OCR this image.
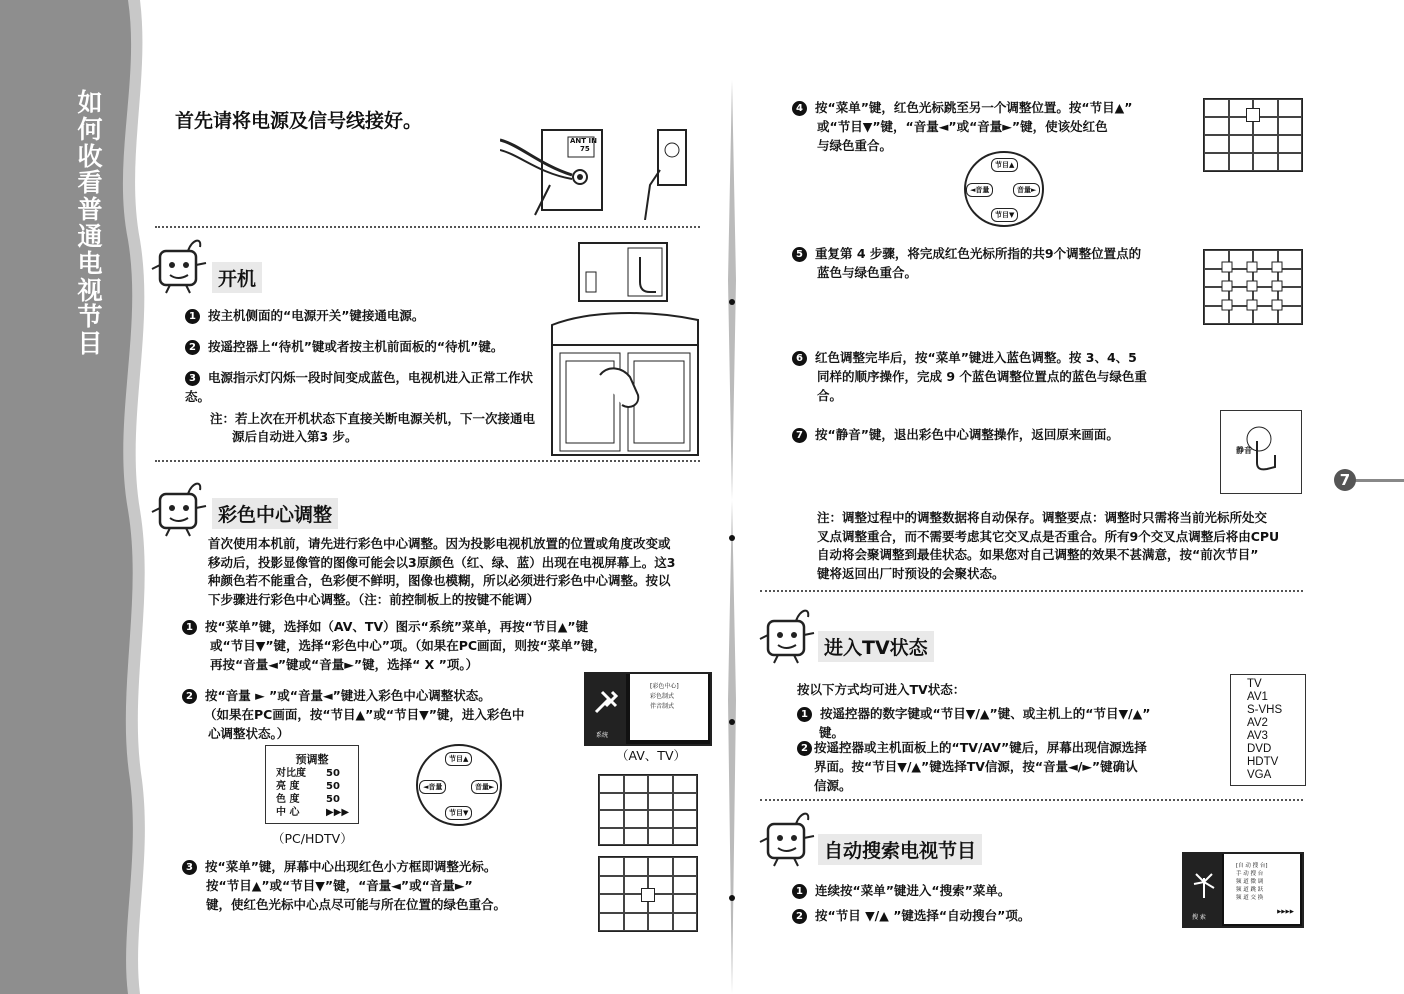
如
何
收
看
普
通
电
视
节
目
7
首先请将电源及信号线接好。
ANT IN
75
开机
1 按主机侧面的“电源开关”键接通电源。
2 按遥控器上“待机”键或者按主机前面板的“待机”键。
3 电源指示灯闪烁一段时间变成蓝色，电视机进入正常工作状态。
注：若上次在开机状态下直接关断电源关机，下一次接通电
源后自动进入第3 步。
彩色中心调整
首次使用本机前，请先进行彩色中心调整。因为投影电视机放置的位置或角度改变或
移动后，投影显像管的图像可能会以3原颜色（红、绿、蓝）出现在电视屏幕上。这3
种颜色若不能重合，色彩便不鲜明，图像也模糊，所以必须进行彩色中心调整。按以
下步骤进行彩色中心调整。（注：前控制板上的按键不能调）
1 按“菜单”键，选择如（AV、TV）图示“系统”菜单，再按“节目▲”键
或“节目▼”键，选择“彩色中心”项。（如果在PC画面，则按“菜单”键，
再按“音量◄”键或“音量►”键，选择“ X ”项。）
2 按“音量 ► ”或“音量◄”键进入彩色中心调整状态。
（如果在PC画面，按“节目▲”或“节目▼”键，进入彩色中
心调整状态。）	系统
[彩色中心]
彩色制式
伴音制式
（AV、TV）
预调整
对比度 50
亮 度	50
色 度	50
中 心	▶▶▶
（PC/HDTV）
节目▲
节目▼
◄音量	音量►
3 按“菜单”键，屏幕中心出现红色小方框即调整光标。
按“节目▲”或“节目▼”键，“音量◄”或“音量►”
键，使红色光标中心点尽可能与所在位置的绿色重合。
4 按“菜单”键，红色光标跳至另一个调整位置。按“节目▲”
或“节目▼”键，“音量◄”或“音量►”键，使该处红色
与绿色重合。
节目▲
节目▼
◄音量	音量►
5 重复第 4 步骤，将完成红色光标所指的共9个调整位置点的
蓝色与绿色重合。
6 红色调整完毕后，按“菜单”键进入蓝色调整。按 3、4、5
同样的顺序操作，完成 9 个蓝色调整位置点的蓝色与绿色重
合。
7 按“静音”键，退出彩色中心调整操作，返回原来画面。
静音
注：调整过程中的调整数据将自动保存。调整要点：调整时只需将当前光标所处交
叉点调整重合，而不需要考虑其它交叉点是否重合。所有9个交叉点调整后将由CPU
自动将会聚调整到最佳状态。如果您对自己调整的效果不甚满意，按“前次节目”
键将返回出厂时预设的会聚状态。
进入TV状态
按以下方式均可进入TV状态：
1 按遥控器的数字键或“节目▼/▲”键、或主机上的“节目▼/▲”
键。
2 按遥控器或主机面板上的“TV/AV”键后，屏幕出现信源选择
界面。按“节目▼/▲”键选择TV信源，按“音量◄/►”键确认
信源。
TV
AV1
S-VHS
AV2
AV3
DVD
HDTV
VGA
自动搜索电视节目
1 连续按“菜单”键进入“搜索”菜单。
2 按“节目 ▼/▲ ”键选择“自动搜台”项。	搜 索
[自 动 搜 台]
手 动 搜 台
频 道 微 调
频 道 跳 跃
频 道 交 换
▶▶▶▶
